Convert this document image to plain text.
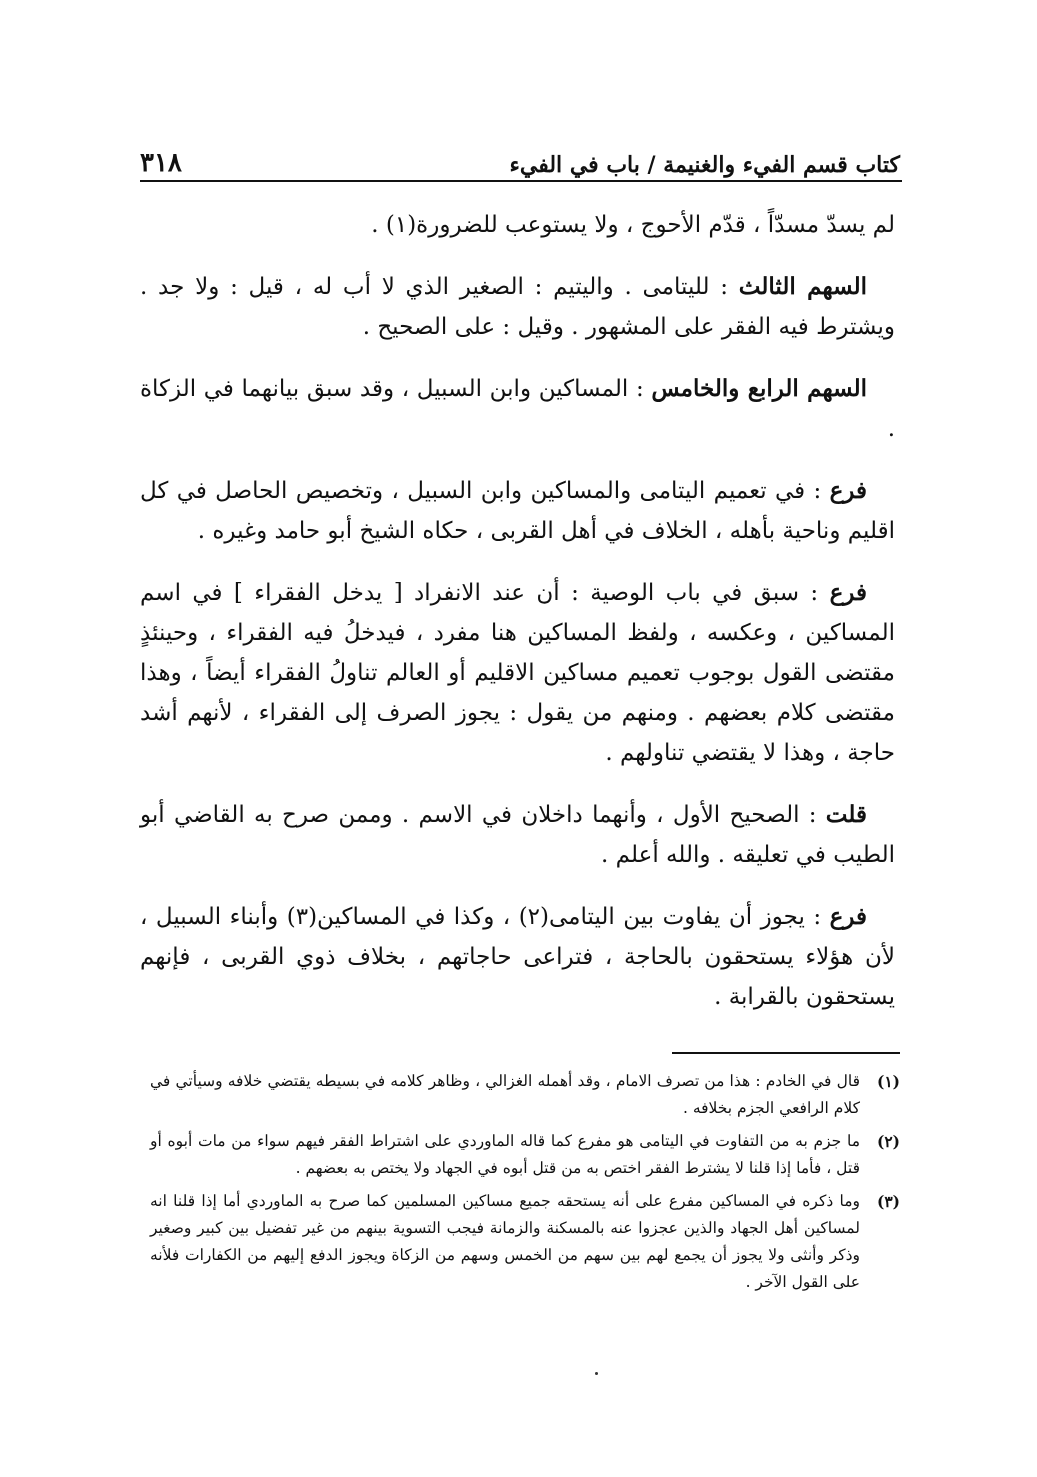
كتاب قسم الفيء والغنيمة / باب في الفيء
٣١٨

لم يسدّ مسدّاً ، قدّم الأحوج ، ولا يستوعب للضرورة(١) .

السهم الثالث : لليتامى . واليتيم : الصغير الذي لا أب له ، قيل : ولا جد . ويشترط فيه الفقر على المشهور . وقيل : على الصحيح .

السهم الرابع والخامس : المساكين وابن السبيل ، وقد سبق بيانهما في الزكاة .

فرع : في تعميم اليتامى والمساكين وابن السبيل ، وتخصيص الحاصل في كل اقليم وناحية بأهله ، الخلاف في أهل القربى ، حكاه الشيخ أبو حامد وغيره .

فرع : سبق في باب الوصية : أن عند الانفراد [ يدخل الفقراء ] في اسم المساكين ، وعكسه ، ولفظ المساكين هنا مفرد ، فيدخلُ فيه الفقراء ، وحينئذٍ مقتضى القول بوجوب تعميم مساكين الاقليم أو العالم تناولُ الفقراء أيضاً ، وهذا مقتضى كلام بعضهم . ومنهم من يقول : يجوز الصرف إلى الفقراء ، لأنهم أشد حاجة ، وهذا لا يقتضي تناولهم .

قلت : الصحيح الأول ، وأنهما داخلان في الاسم . وممن صرح به القاضي أبو الطيب في تعليقه . والله أعلم .

فرع : يجوز أن يفاوت بين اليتامى(٢) ، وكذا في المساكين(٣) وأبناء السبيل ، لأن هؤلاء يستحقون بالحاجة ، فتراعى حاجاتهم ، بخلاف ذوي القربى ، فإنهم يستحقون بالقرابة .

(١)
قال في الخادم : هذا من تصرف الامام ، وقد أهمله الغزالي ، وظاهر كلامه في بسيطه يقتضي خلافه وسيأتي في كلام الرافعي الجزم بخلافه .
(٢)
ما جزم به من التفاوت في اليتامى هو مفرع كما قاله الماوردي على اشتراط الفقر فيهم سواء من مات أبوه أو قتل ، فأما إذا قلنا لا يشترط الفقر اختص به من قتل أبوه في الجهاد ولا يختص به بعضهم .
(٣)
وما ذكره في المساكين مفرع على أنه يستحقه جميع مساكين المسلمين كما صرح به الماوردي أما إذا قلنا انه لمساكين أهل الجهاد والذين عجزوا عنه بالمسكنة والزمانة فيجب التسوية بينهم من غير تفضيل بين كبير وصغير وذكر وأنثى ولا يجوز أن يجمع لهم بين سهم من الخمس وسهم من الزكاة ويجوز الدفع إليهم من الكفارات فلأنه على القول الآخر .
